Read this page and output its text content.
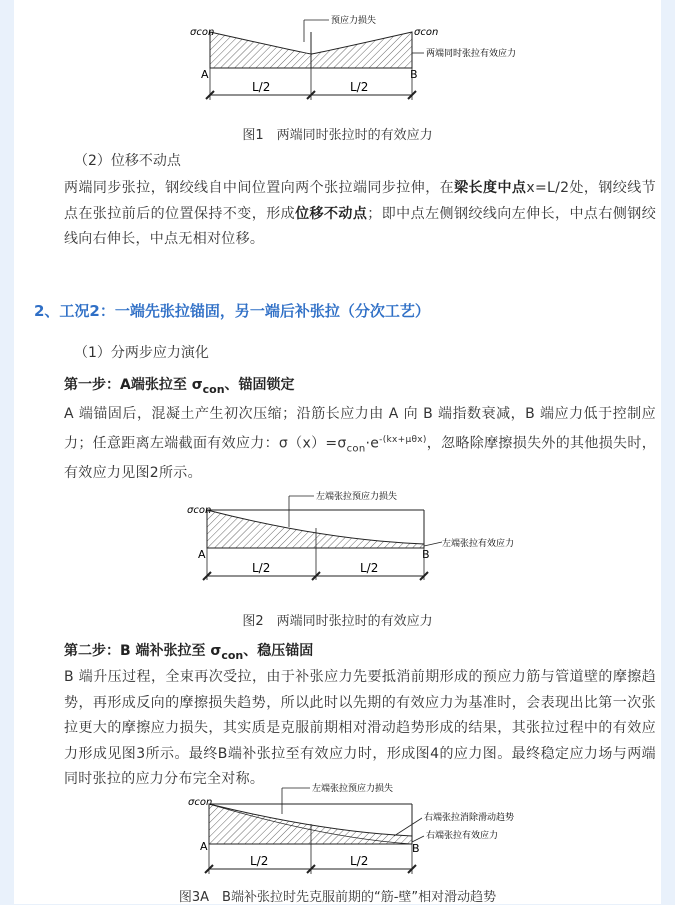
预应力损失
σcon	σcon
两端同时张拉有效应力
A	B
L/2	L/2
图1　两端同时张拉时的有效应力
（2）位移不动点
两端同步张拉，钢绞线自中间位置向两个张拉端同步拉伸，在梁长度中点x=L/2处，钢绞线节点在张拉前后的位置保持不变，形成位移不动点；即中点左侧钢绞线向左伸长，中点右侧钢绞线向右伸长，中点无相对位移。
2、工况2：一端先张拉锚固，另一端后补张拉（分次工艺）
（1）分两步应力演化
第一步：A端张拉至 $\sigma_{con}$、锚固锁定
A 端锚固后，混凝土产生初次压缩；沿筋长应力由 A 向 B 端指数衰减，B 端应力低于控制应力；任意距离左端截面有效应力：$\sigma(x)=\sigma_{con}\cdot e^{-(kx+\mu\theta x)}$，忽略除摩擦损失外的其他损失时，有效应力见图2所示。
左端张拉预应力损失
σcon
左端张拉有效应力
A	B
L/2	L/2
图2　两端同时张拉时的有效应力
第二步：B 端补张拉至 $\sigma_{con}$、稳压锚固
B 端升压过程，全束再次受拉，由于补张应力先要抵消前期形成的预应力筋与管道壁的摩擦趋势，再形成反向的摩擦损失趋势，所以此时以先期的有效应力为基准时，会表现出比第一次张拉更大的摩擦应力损失，其实质是克服前期相对滑动趋势形成的结果，其张拉过程中的有效应力形成见图3所示。最终B端补张拉至有效应力时，形成图4的应力图。最终稳定应力场与两端同时张拉的应力分布完全对称。
左端张拉预应力损失
σcon
右端张拉消除滑动趋势
右端张拉有效应力
A	B
L/2	L/2
图3A　B端补张拉时先克服前期的“筋-壁”相对滑动趋势
